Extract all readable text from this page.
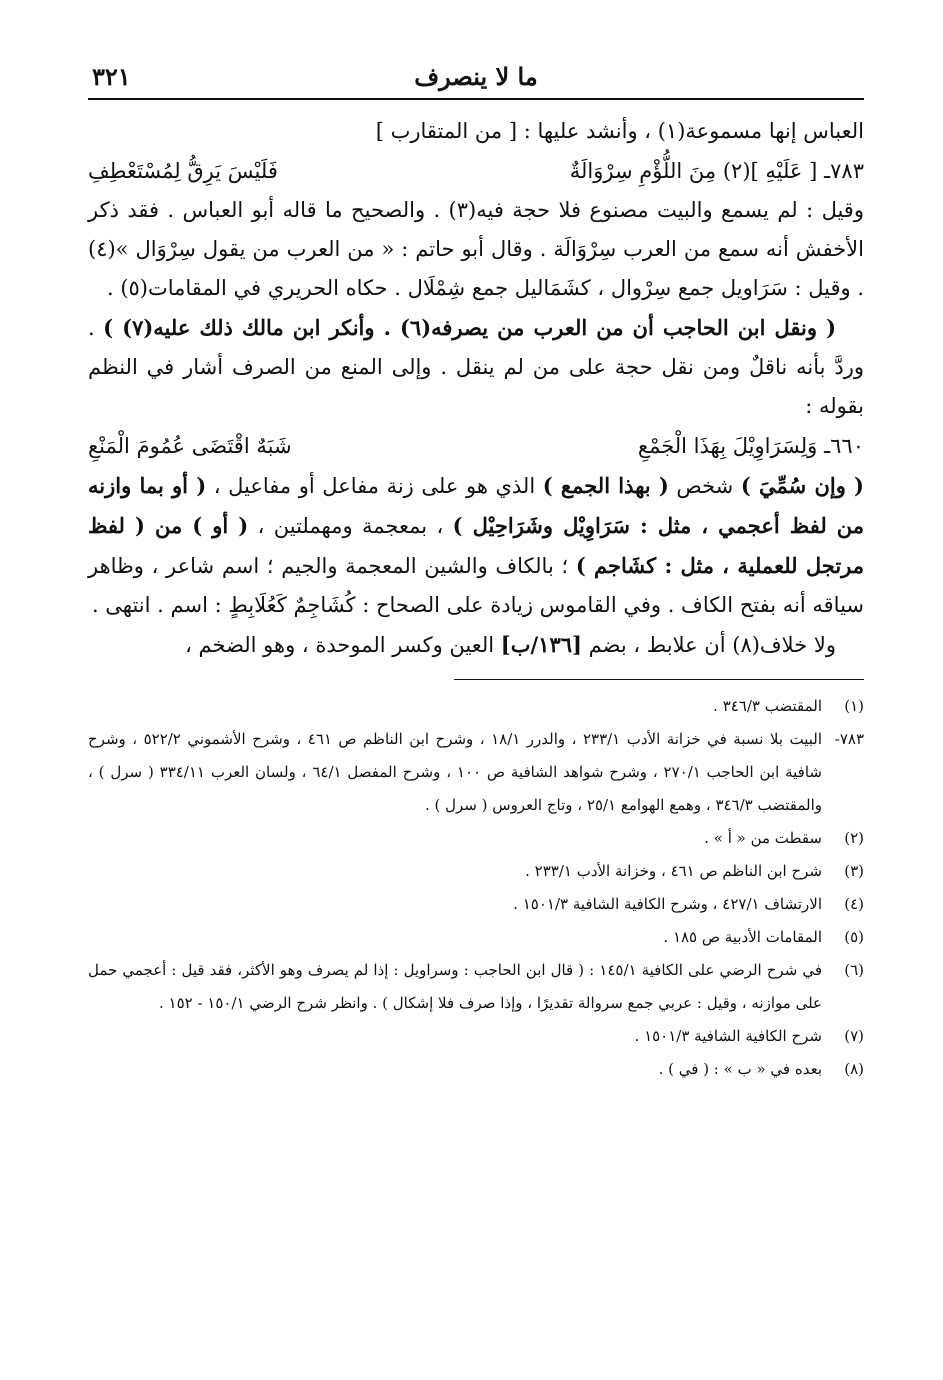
ما لا ينصرف
٣٢١

العباس إنها مسموعة(١) ، وأنشد عليها : [ من المتقارب ]

٧٨٣ـ [ عَلَيْهِ ](٢) مِنَ اللُّؤْمِ سِرْوَالَةٌ
فَلَيْسَ يَرِقُّ لِمُسْتَعْطِفِ

وقيل : لم يسمع والبيت مصنوع فلا حجة فيه(٣) . والصحيح ما قاله أبو العباس . فقد ذكر الأخفش أنه سمع من العرب سِرْوَالَة . وقال أبو حاتم : « من العرب من يقول سِرْوَال »(٤) . وقيل : سَرَاويل جمع سِرْوال ، كشَمَاليل جمع شِمْلَال . حكاه الحريري في المقامات(٥) .

( ونقل ابن الحاجب أن من العرب من يصرفه(٦) . وأنكر ابن مالك ذلك عليه(٧) ) . وردَّ بأنه ناقلٌ ومن نقل حجة على من لم ينقل . وإلى المنع من الصرف أشار في النظم بقوله :

٦٦٠ـ وَلِسَرَاوِيْلَ بِهَذَا الْجَمْعِ
شَبَهٌ اقْتَضَى عُمُومَ الْمَنْعِ

( وإن سُمِّيَ ) شخص ( بهذا الجمع ) الذي هو على زنة مفاعل أو مفاعيل ، ( أو بما وازنه من لفظ أعجمي ، مثل : سَرَاوِيْل وشَرَاحِيْل ) ، بمعجمة ومهملتين ، ( أو ) من ( لفظ مرتجل للعملية ، مثل : كشَاجم ) ؛ بالكاف والشين المعجمة والجيم ؛ اسم شاعر ، وظاهر سياقه أنه بفتح الكاف . وفي القاموس زيادة على الصحاح : كُشَاجِمٌ كَعُلَابِطٍ : اسم . انتهى .

ولا خلاف(٨) أن علابط ، بضم [١٣٦/ب] العين وكسر الموحدة ، وهو الضخم ،

(١)
المقتضب ٣٤٦/٣ .
٧٨٣-
البيت بلا نسبة في خزانة الأدب ٢٣٣/١ ، والدرر ١٨/١ ، وشرح ابن الناظم ص ٤٦١ ، وشرح الأشموني ٥٢٢/٢ ، وشرح شافية ابن الحاجب ٢٧٠/١ ، وشرح شواهد الشافية ص ١٠٠ ، وشرح المفصل ٦٤/١ ، ولسان العرب ٣٣٤/١١ ( سرل ) ، والمقتضب ٣٤٦/٣ ، وهمع الهوامع ٢٥/١ ، وتاج العروس ( سرل ) .
(٢)
سقطت من « أ » .
(٣)
شرح ابن الناظم ص ٤٦١ ، وخزانة الأدب ٢٣٣/١ .
(٤)
الارتشاف ٤٢٧/١ ، وشرح الكافية الشافية ١٥٠١/٣ .
(٥)
المقامات الأدبية ص ١٨٥ .
(٦)
في شرح الرضي على الكافية ١٤٥/١ : ( قال ابن الحاجب : وسراويل : إذا لم يصرف وهو الأكثر، فقد قيل : أعجمي حمل على موازنه ، وقيل : عربي جمع سروالة تقديرًا ، وإذا صرف فلا إشكال ) . وانظر شرح الرضي ١٥٠/١ - ١٥٢ .
(٧)
شرح الكافية الشافية ١٥٠١/٣ .
(٨)
بعده في « ب » : ( في ) .
